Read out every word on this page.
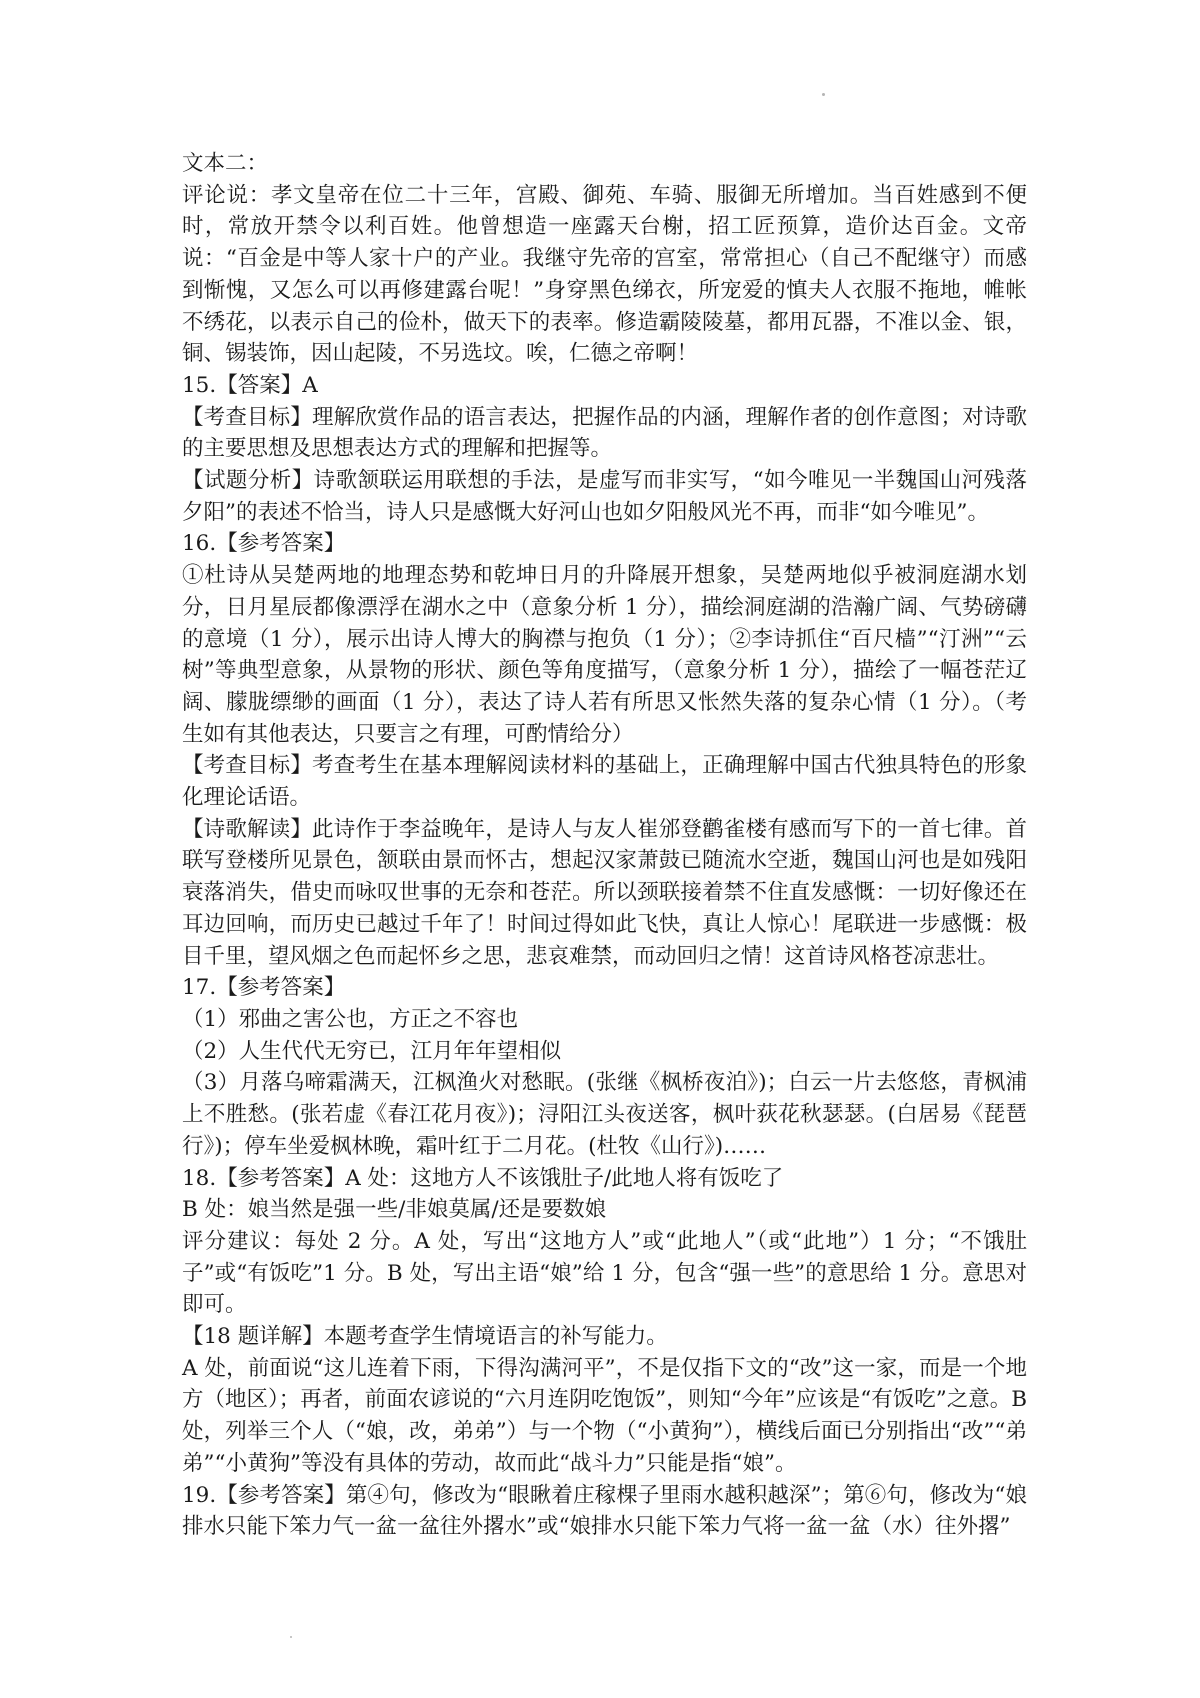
文本二：

评论说：孝文皇帝在位二十三年，宫殿、御苑、车骑、服御无所增加。当百姓感到不便时，常放开禁令以利百姓。他曾想造一座露天台榭，招工匠预算，造价达百金。文帝说：“百金是中等人家十户的产业。我继守先帝的宫室，常常担心（自己不配继守）而感到惭愧，又怎么可以再修建露台呢！”身穿黑色绨衣，所宠爱的慎夫人衣服不拖地，帷帐不绣花，以表示自己的俭朴，做天下的表率。修造霸陵陵墓，都用瓦器，不准以金、银，铜、锡装饰，因山起陵，不另选坟。唉，仁德之帝啊！

15.【答案】A

【考查目标】理解欣赏作品的语言表达，把握作品的内涵，理解作者的创作意图；对诗歌的主要思想及思想表达方式的理解和把握等。

【试题分析】诗歌颔联运用联想的手法，是虚写而非实写，“如今唯见一半魏国山河残落夕阳”的表述不恰当，诗人只是感慨大好河山也如夕阳般风光不再，而非“如今唯见”。

16.【参考答案】

①杜诗从吴楚两地的地理态势和乾坤日月的升降展开想象，吴楚两地似乎被洞庭湖水划分，日月星辰都像漂浮在湖水之中（意象分析 1 分），描绘洞庭湖的浩瀚广阔、气势磅礴的意境（1 分），展示出诗人博大的胸襟与抱负（1 分）；②李诗抓住“百尺樯”“汀洲”“云树”等典型意象，从景物的形状、颜色等角度描写，（意象分析 1 分），描绘了一幅苍茫辽阔、朦胧缥缈的画面（1 分），表达了诗人若有所思又怅然失落的复杂心情（1 分）。（考生如有其他表达，只要言之有理，可酌情给分）

【考查目标】考查考生在基本理解阅读材料的基础上，正确理解中国古代独具特色的形象化理论话语。

【诗歌解读】此诗作于李益晚年，是诗人与友人崔邠登鹳雀楼有感而写下的一首七律。首联写登楼所见景色，颔联由景而怀古，想起汉家萧鼓已随流水空逝，魏国山河也是如残阳衰落消失，借史而咏叹世事的无奈和苍茫。所以颈联接着禁不住直发感慨：一切好像还在耳边回响，而历史已越过千年了！时间过得如此飞快，真让人惊心！尾联进一步感慨：极目千里，望风烟之色而起怀乡之思，悲哀难禁，而动回归之情！这首诗风格苍凉悲壮。

17.【参考答案】

（1）邪曲之害公也，方正之不容也

（2）人生代代无穷已，江月年年望相似

（3）月落乌啼霜满天，江枫渔火对愁眠。(张继《枫桥夜泊》)；白云一片去悠悠，青枫浦上不胜愁。(张若虚《春江花月夜》)；浔阳江头夜送客，枫叶荻花秋瑟瑟。(白居易《琵琶行》)；停车坐爱枫林晚，霜叶红于二月花。(杜牧《山行》)……

18.【参考答案】A 处：这地方人不该饿肚子/此地人将有饭吃了

B 处：娘当然是强一些/非娘莫属/还是要数娘

评分建议：每处 2 分。A 处，写出“这地方人”或“此地人”（或“此地”）1 分；“不饿肚子”或“有饭吃”1 分。B 处，写出主语“娘”给 1 分，包含“强一些”的意思给 1 分。意思对即可。

【18 题详解】本题考查学生情境语言的补写能力。

A 处，前面说“这儿连着下雨，下得沟满河平”，不是仅指下文的“改”这一家，而是一个地方（地区）；再者，前面农谚说的“六月连阴吃饱饭”，则知“今年”应该是“有饭吃”之意。B 处，列举三个人（“娘，改，弟弟”）与一个物（“小黄狗”），横线后面已分别指出“改”“弟弟”“小黄狗”等没有具体的劳动，故而此“战斗力”只能是指“娘”。

19.【参考答案】第④句，修改为“眼瞅着庄稼棵子里雨水越积越深”；第⑥句，修改为“娘排水只能下笨力气一盆一盆往外撂水”或“娘排水只能下笨力气将一盆一盆（水）往外撂”
